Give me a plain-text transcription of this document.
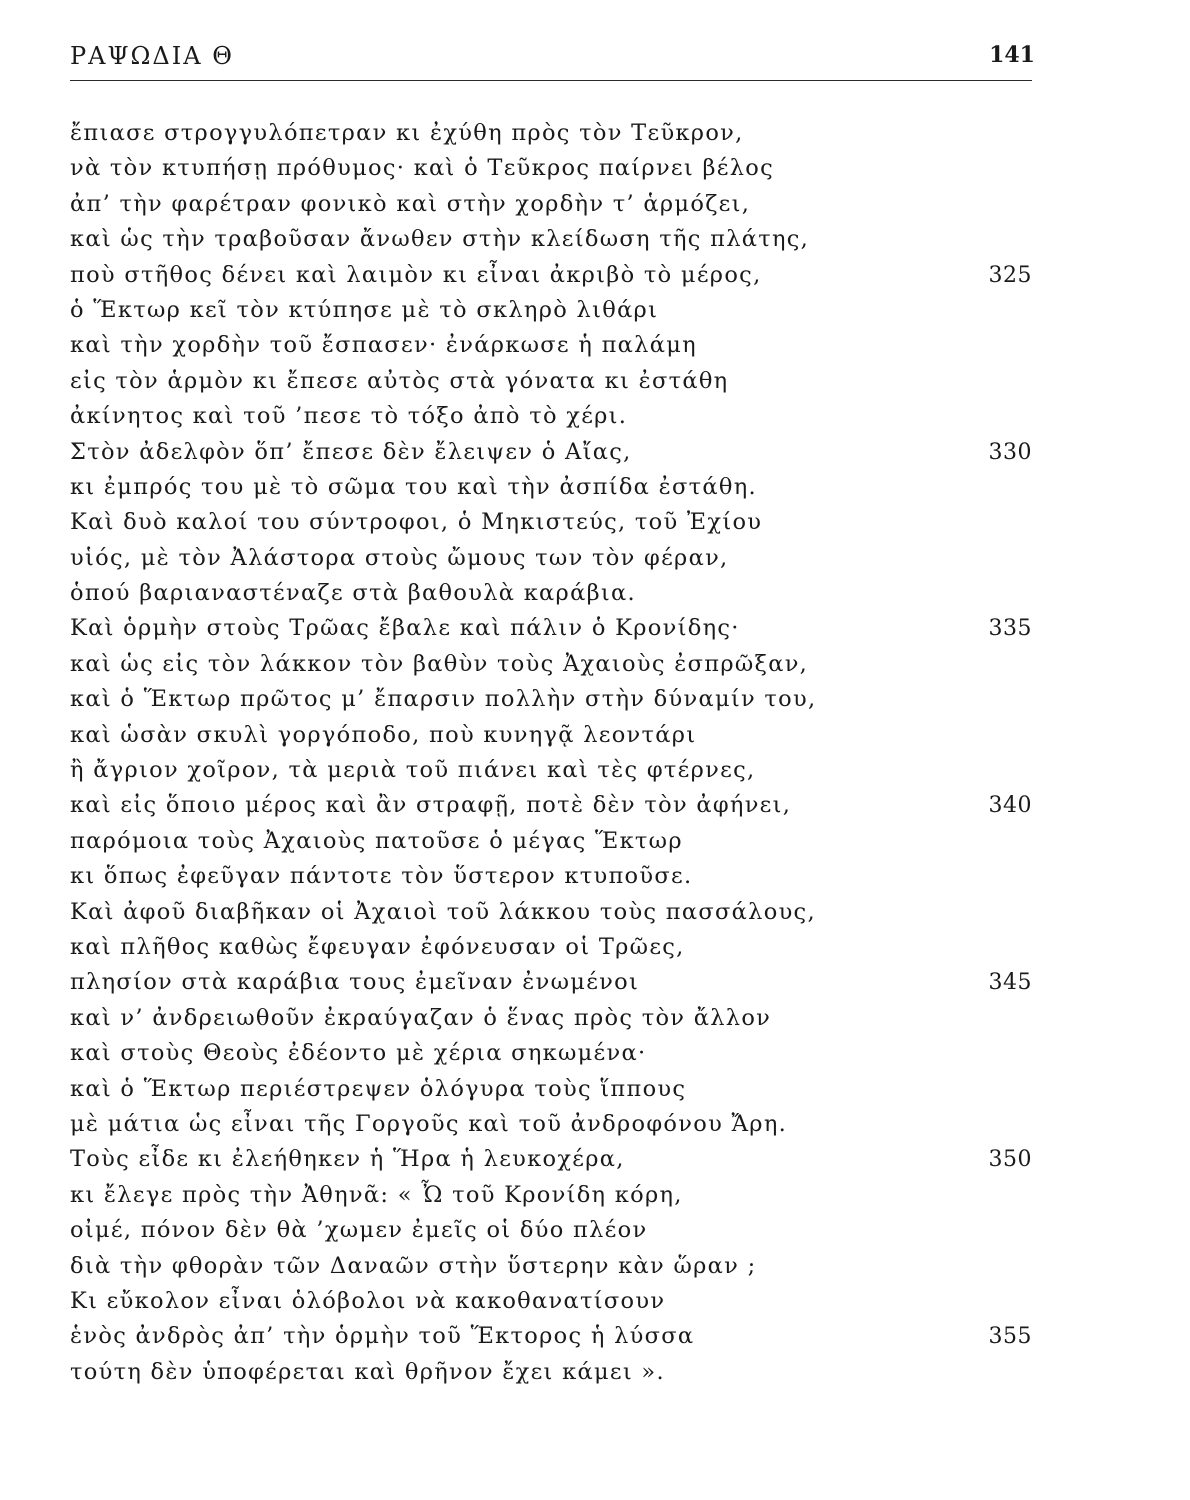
ΡΑΨΩΔΙΑ Θ	141
ἔπιασε στρογγυλόπετραν κι ἐχύθη πρὸς τὸν Τεῦκρον,
νὰ τὸν κτυπήσῃ πρόθυμος· καὶ ὁ Τεῦκρος παίρνει βέλος
ἀπ’ τὴν φαρέτραν φονικὸ καὶ στὴν χορδὴν τ’ ἁρμόζει,
καὶ ὡς τὴν τραβοῦσαν ἄνωθεν στὴν κλείδωση τῆς πλάτης,
ποὺ στῆθος δένει καὶ λαιμὸν κι εἶναι ἀκριβὸ τὸ μέρος,	325
ὁ Ἕκτωρ κεῖ τὸν κτύπησε μὲ τὸ σκληρὸ λιθάρι
καὶ τὴν χορδὴν τοῦ ἔσπασεν· ἐνάρκωσε ἡ παλάμη
εἰς τὸν ἁρμὸν κι ἔπεσε αὐτὸς στὰ γόνατα κι ἐστάθη
ἀκίνητος καὶ τοῦ ’πεσε τὸ τόξο ἀπὸ τὸ χέρι.
Στὸν ἀδελφὸν ὅπ’ ἔπεσε δὲν ἔλειψεν ὁ Αἴας,	330
κι ἐμπρός του μὲ τὸ σῶμα του καὶ τὴν ἀσπίδα ἐστάθη.
Καὶ δυὸ καλοί του σύντροφοι, ὁ Μηκιστεύς, τοῦ Ἐχίου
υἱός, μὲ τὸν Ἀλάστορα στοὺς ὤμους των τὸν φέραν,
ὁπού βαριαναστέναζε στὰ βαθουλὰ καράβια.
Καὶ ὁρμὴν στοὺς Τρῶας ἔβαλε καὶ πάλιν ὁ Κρονίδης·	335
καὶ ὡς εἰς τὸν λάκκον τὸν βαθὺν τοὺς Ἀχαιοὺς ἐσπρῶξαν,
καὶ ὁ Ἕκτωρ πρῶτος μ’ ἔπαρσιν πολλὴν στὴν δύναμίν του,
καὶ ὡσὰν σκυλὶ γοργόποδο, ποὺ κυνηγᾷ λεοντάρι
ἢ ἄγριον χοῖρον, τὰ μεριὰ τοῦ πιάνει καὶ τὲς φτέρνες,
καὶ εἰς ὅποιο μέρος καὶ ἂν στραφῇ, ποτὲ δὲν τὸν ἀφήνει,	340
παρόμοια τοὺς Ἀχαιοὺς πατοῦσε ὁ μέγας Ἕκτωρ
κι ὅπως ἐφεῦγαν πάντοτε τὸν ὕστερον κτυποῦσε.
Καὶ ἀφοῦ διαβῆκαν οἱ Ἀχαιοὶ τοῦ λάκκου τοὺς πασσάλους,
καὶ πλῆθος καθὼς ἔφευγαν ἐφόνευσαν οἱ Τρῶες,
πλησίον στὰ καράβια τους ἐμεῖναν ἐνωμένοι	345
καὶ ν’ ἀνδρειωθοῦν ἐκραύγαζαν ὁ ἕνας πρὸς τὸν ἄλλον
καὶ στοὺς Θεοὺς ἐδέοντο μὲ χέρια σηκωμένα·
καὶ ὁ Ἕκτωρ περιέστρεψεν ὁλόγυρα τοὺς ἵππους
μὲ μάτια ὡς εἶναι τῆς Γοργοῦς καὶ τοῦ ἀνδροφόνου Ἄρη.
Τοὺς εἶδε κι ἐλεήθηκεν ἡ Ἥρα ἡ λευκοχέρα,	350
κι ἔλεγε πρὸς τὴν Ἀθηνᾶ: « Ὦ τοῦ Κρονίδη κόρη,
οἰμέ, πόνον δὲν θὰ ’χωμεν ἐμεῖς οἱ δύο πλέον
διὰ τὴν φθορὰν τῶν Δαναῶν στὴν ὕστερην κὰν ὥραν ;
Κι εὔκολον εἶναι ὁλόβολοι νὰ κακοθανατίσουν
ἑνὸς ἀνδρὸς ἀπ’ τὴν ὁρμὴν τοῦ Ἕκτορος ἡ λύσσα	355
τούτη δὲν ὑποφέρεται καὶ θρῆνον ἔχει κάμει ».
